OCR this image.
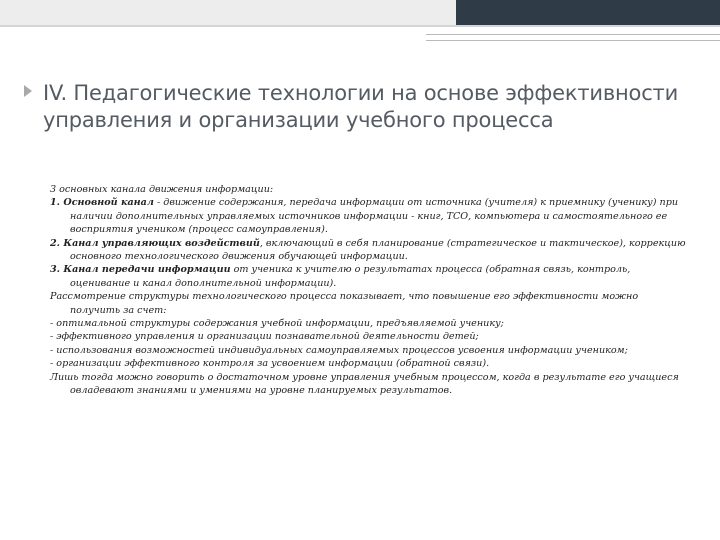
IV. Педагогические технологии на основе эффективности управления и организации учебного процесса

3 основных канала движения информации:

1. Основной канал - движение содержания, передача информации от источника (учителя) к приемнику (ученику) при наличии дополнительных управляемых источников информации - книг, ТСО, компьютера и самостоятельного ее восприятия учеником (процесс самоуправления).

2. Канал управляющих воздействий, включающий в себя планирование (стратегическое и тактическое), коррекцию основного технологического движения обучающей информации.

3. Канал передачи информации от ученика к учителю о результатах процесса (обратная связь, контроль, оценивание и канал дополнительной информации).

Рассмотрение структуры технологического процесса показывает, что повышение его эффективности можно получить за счет:

- оптимальной структуры содержания учебной информации, предъявляемой ученику;

- эффективного управления и организации познавательной деятельности детей;

- использования возможностей индивидуальных самоуправляемых процессов усвоения информации учеником;

- организации эффективного контроля за усвоением информации (обратной связи).

Лишь тогда можно говорить о достаточном уровне управления учебным процессом, когда в результате его учащиеся овладевают знаниями и умениями на уровне планируемых результатов.
